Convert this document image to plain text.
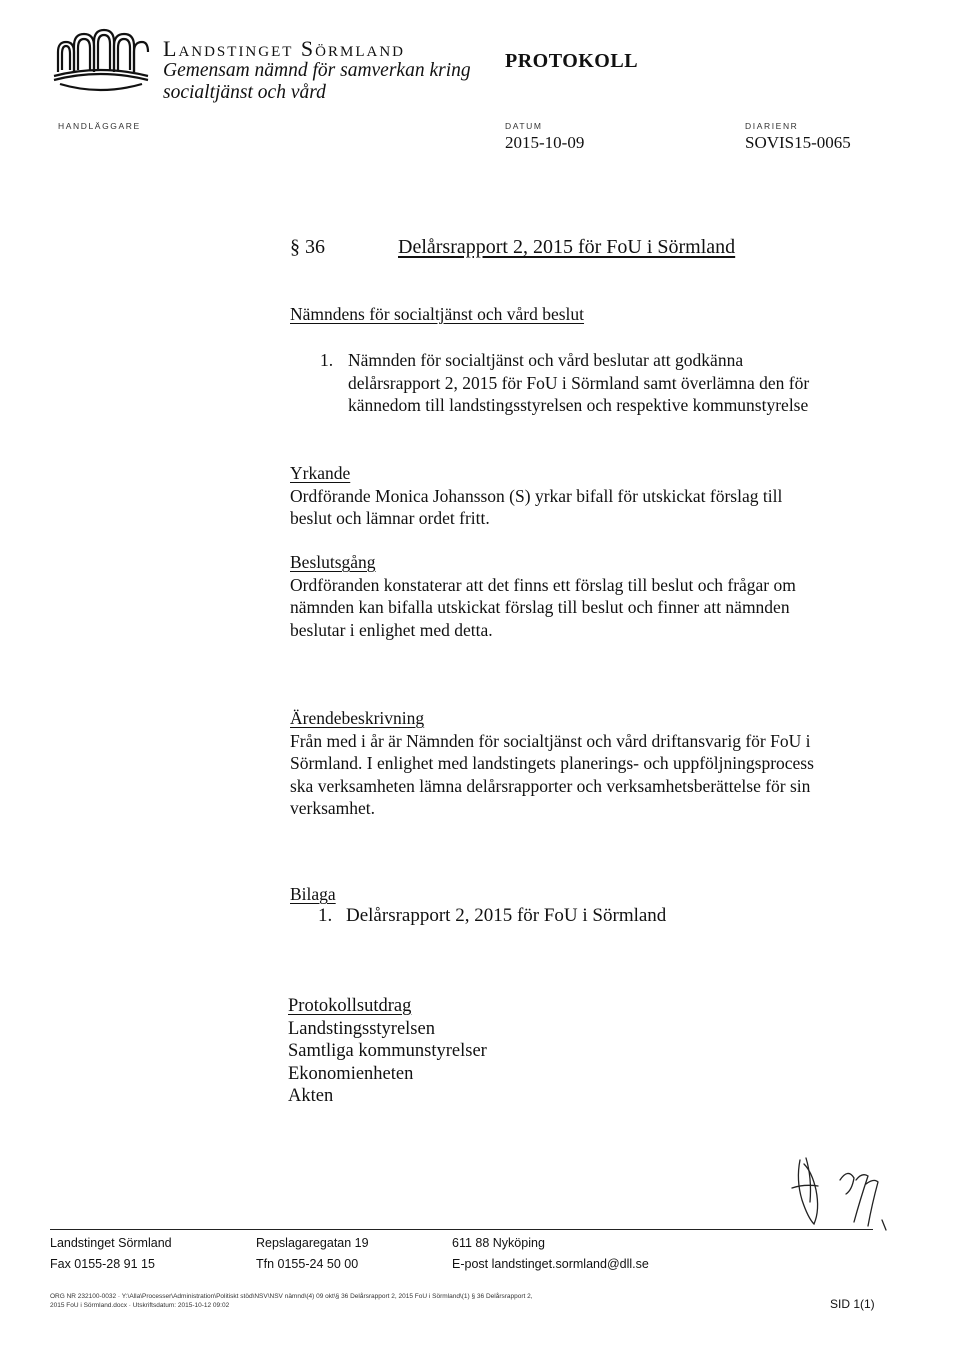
Landstinget Sörmland
Gemensam nämnd för samverkan kring
socialtjänst och vård
PROTOKOLL
HANDLÄGGARE	DATUM
2015-10-09
DIARIENR
SOVIS15-0065
§ 36	Delårsrapport 2, 2015 för FoU i Sörmland
Nämndens för socialtjänst och vård beslut
1. Nämnden för socialtjänst och vård beslutar att godkänna
delårsrapport 2, 2015 för FoU i Sörmland samt överlämna den för
kännedom till landstingsstyrelsen och respektive kommunstyrelse
Yrkande
Ordförande Monica Johansson (S) yrkar bifall för utskickat förslag till
beslut och lämnar ordet fritt.
Beslutsgång
Ordföranden konstaterar att det finns ett förslag till beslut och frågar om
nämnden kan bifalla utskickat förslag till beslut och finner att nämnden
beslutar i enlighet med detta.
Ärendebeskrivning
Från med i år är Nämnden för socialtjänst och vård driftansvarig för FoU i
Sörmland. I enlighet med landstingets planerings- och uppföljningsprocess
ska verksamheten lämna delårsrapporter och verksamhetsberättelse för sin
verksamhet.
Bilaga
1. Delårsrapport 2, 2015 för FoU i Sörmland
Protokollsutdrag
Landstingsstyrelsen
Samtliga kommunstyrelser
Ekonomienheten
Akten
Landstinget Sörmland
Fax 0155-28 91 15
Repslagaregatan 19
Tfn 0155-24 50 00
611 88 Nyköping
E-post landstinget.sormland@dll.se
ORG NR 232100-0032 · Y:\Alla\Processer\Administration\Politiskt stöd\NSV\NSV nämnd\(4) 09 okt\§ 36 Delårsrapport 2, 2015 FoU i Sörmland\(1) § 36 Delårsrapport 2,
2015 FoU i Sörmland.docx · Utskriftsdatum: 2015-10-12 09:02	SID 1(1)
